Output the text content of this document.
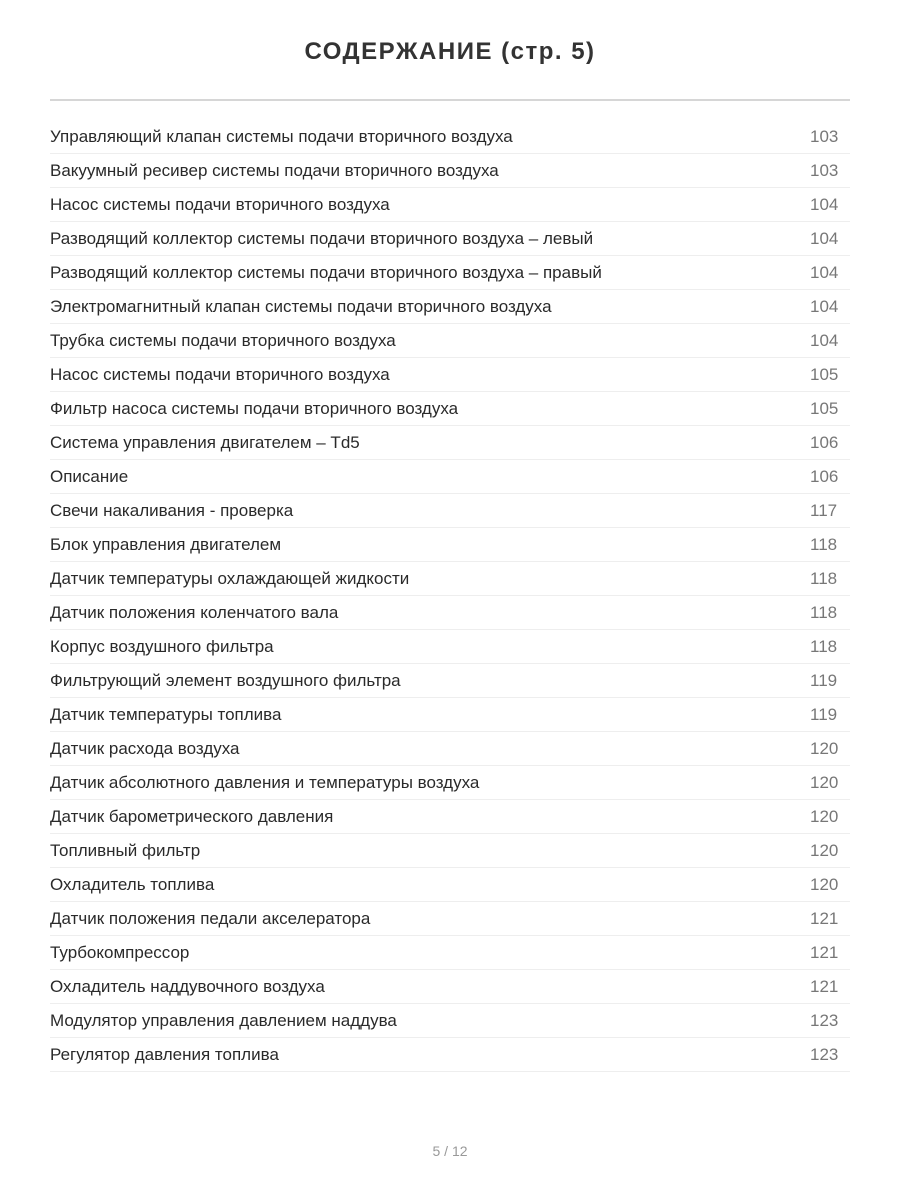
СОДЕРЖАНИЕ (стр. 5)
Управляющий клапан системы подачи вторичного воздуха	103
Вакуумный ресивер системы подачи вторичного воздуха	103
Насос системы подачи вторичного воздуха	104
Разводящий коллектор системы подачи вторичного воздуха – левый	104
Разводящий коллектор системы подачи вторичного воздуха – правый	104
Электромагнитный клапан системы подачи вторичного воздуха	104
Трубка системы подачи вторичного воздуха	104
Насос системы подачи вторичного воздуха	105
Фильтр насоса системы подачи вторичного воздуха	105
Система управления двигателем – Td5	106
Описание	106
Свечи накаливания - проверка	117
Блок управления двигателем	118
Датчик температуры охлаждающей жидкости	118
Датчик положения коленчатого вала	118
Корпус воздушного фильтра	118
Фильтрующий элемент воздушного фильтра	119
Датчик температуры топлива	119
Датчик расхода воздуха	120
Датчик абсолютного давления и температуры воздуха	120
Датчик барометрического давления	120
Топливный фильтр	120
Охладитель топлива	120
Датчик положения педали акселератора	121
Турбокомпрессор	121
Охладитель наддувочного воздуха	121
Модулятор управления давлением наддува	123
Регулятор давления топлива	123
5 / 12
